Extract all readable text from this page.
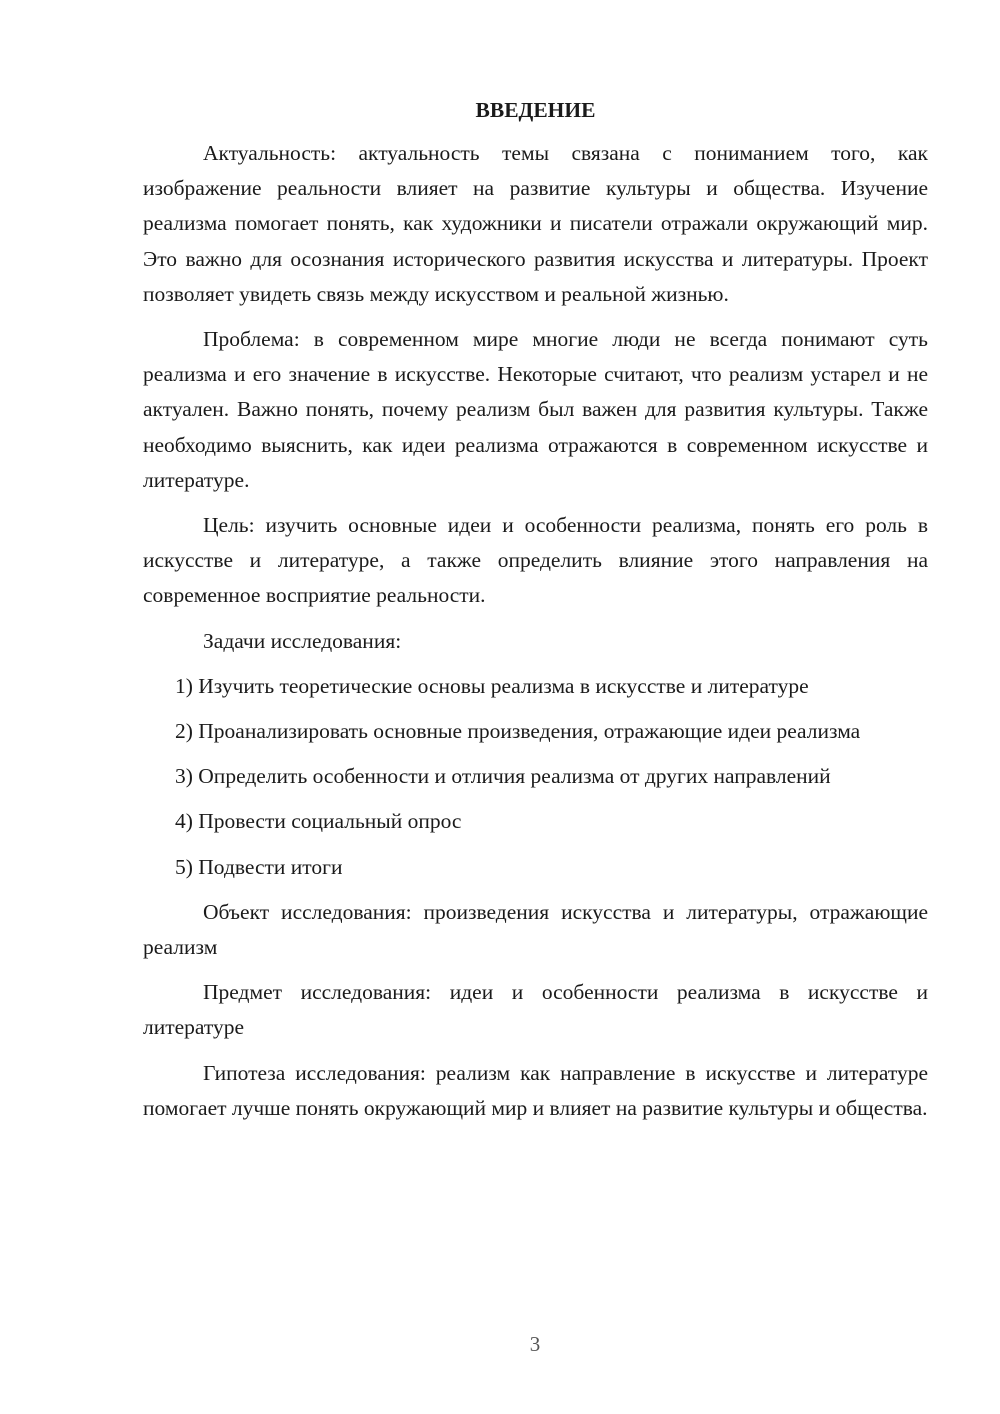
ВВЕДЕНИЕ

Актуальность: актуальность темы связана с пониманием того, как изображение реальности влияет на развитие культуры и общества. Изучение реализма помогает понять, как художники и писатели отражали окружающий мир. Это важно для осознания исторического развития искусства и литературы. Проект позволяет увидеть связь между искусством и реальной жизнью.

Проблема: в современном мире многие люди не всегда понимают суть реализма и его значение в искусстве. Некоторые считают, что реализм устарел и не актуален. Важно понять, почему реализм был важен для развития культуры. Также необходимо выяснить, как идеи реализма отражаются в современном искусстве и литературе.

Цель: изучить основные идеи и особенности реализма, понять его роль в искусстве и литературе, а также определить влияние этого направления на современное восприятие реальности.

Задачи исследования:

1) Изучить теоретические основы реализма в искусстве и литературе

2) Проанализировать основные произведения, отражающие идеи реализма

3) Определить особенности и отличия реализма от других направлений

4) Провести социальный опрос

5) Подвести итоги

Объект исследования: произведения искусства и литературы, отражающие реализм

Предмет исследования: идеи и особенности реализма в искусстве и литературе

Гипотеза исследования: реализм как направление в искусстве и литературе помогает лучше понять окружающий мир и влияет на развитие культуры и общества.

3
